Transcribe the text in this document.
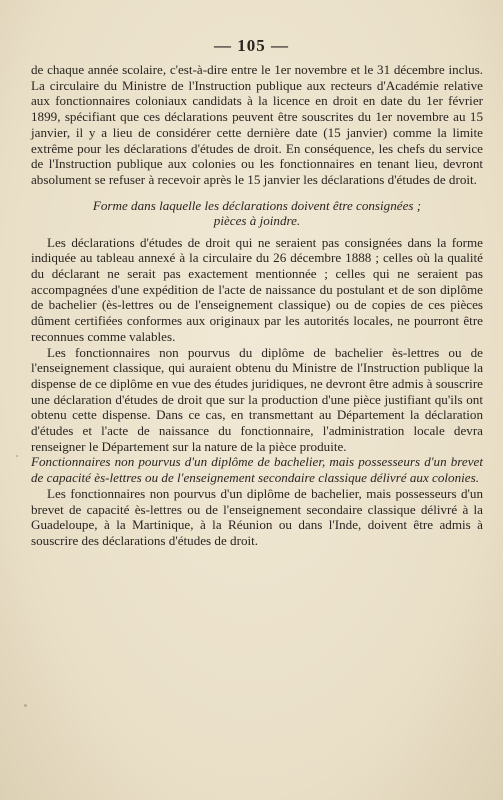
— 105 —

de chaque année scolaire, c'est-à-dire entre le 1er novembre et le 31 décembre inclus. La circulaire du Ministre de l'Instruction publique aux recteurs d'Académie relative aux fonctionnaires coloniaux candidats à la licence en droit en date du 1er février 1899, spécifiant que ces déclarations peuvent être souscrites du 1er novembre au 15 janvier, il y a lieu de considérer cette dernière date (15 janvier) comme la limite extrême pour les déclarations d'études de droit. En conséquence, les chefs du service de l'Instruction publique aux colonies ou les fonctionnaires en tenant lieu, devront absolument se refuser à recevoir après le 15 janvier les déclarations d'études de droit.

Forme dans laquelle les déclarations doivent être consignées ;
pièces à joindre.

Les déclarations d'études de droit qui ne seraient pas consignées dans la forme indiquée au tableau annexé à la circulaire du 26 décembre 1888 ; celles où la qualité du déclarant ne serait pas exactement mentionnée ; celles qui ne seraient pas accompagnées d'une expédition de l'acte de naissance du postulant et de son diplôme de bachelier (ès-lettres ou de l'enseignement classique) ou de copies de ces pièces dûment certifiées conformes aux originaux par les autorités locales, ne pourront être reconnues comme valables.

Les fonctionnaires non pourvus du diplôme de bachelier ès-lettres ou de l'enseignement classique, qui auraient obtenu du Ministre de l'Instruction publique la dispense de ce diplôme en vue des études juridiques, ne devront être admis à souscrire une déclaration d'études de droit que sur la production d'une pièce justifiant qu'ils ont obtenu cette dispense. Dans ce cas, en transmettant au Département la déclaration d'études et l'acte de naissance du fonctionnaire, l'administration locale devra renseigner le Département sur la nature de la pièce produite.

Fonctionnaires non pourvus d'un diplôme de bachelier, mais possesseurs d'un brevet de capacité ès-lettres ou de l'enseignement secondaire classique délivré aux colonies.

Les fonctionnaires non pourvus d'un diplôme de bachelier, mais possesseurs d'un brevet de capacité ès-lettres ou de l'enseignement secondaire classique délivré à la Guadeloupe, à la Martinique, à la Réunion ou dans l'Inde, doivent être admis à souscrire des déclarations d'études de droit.
